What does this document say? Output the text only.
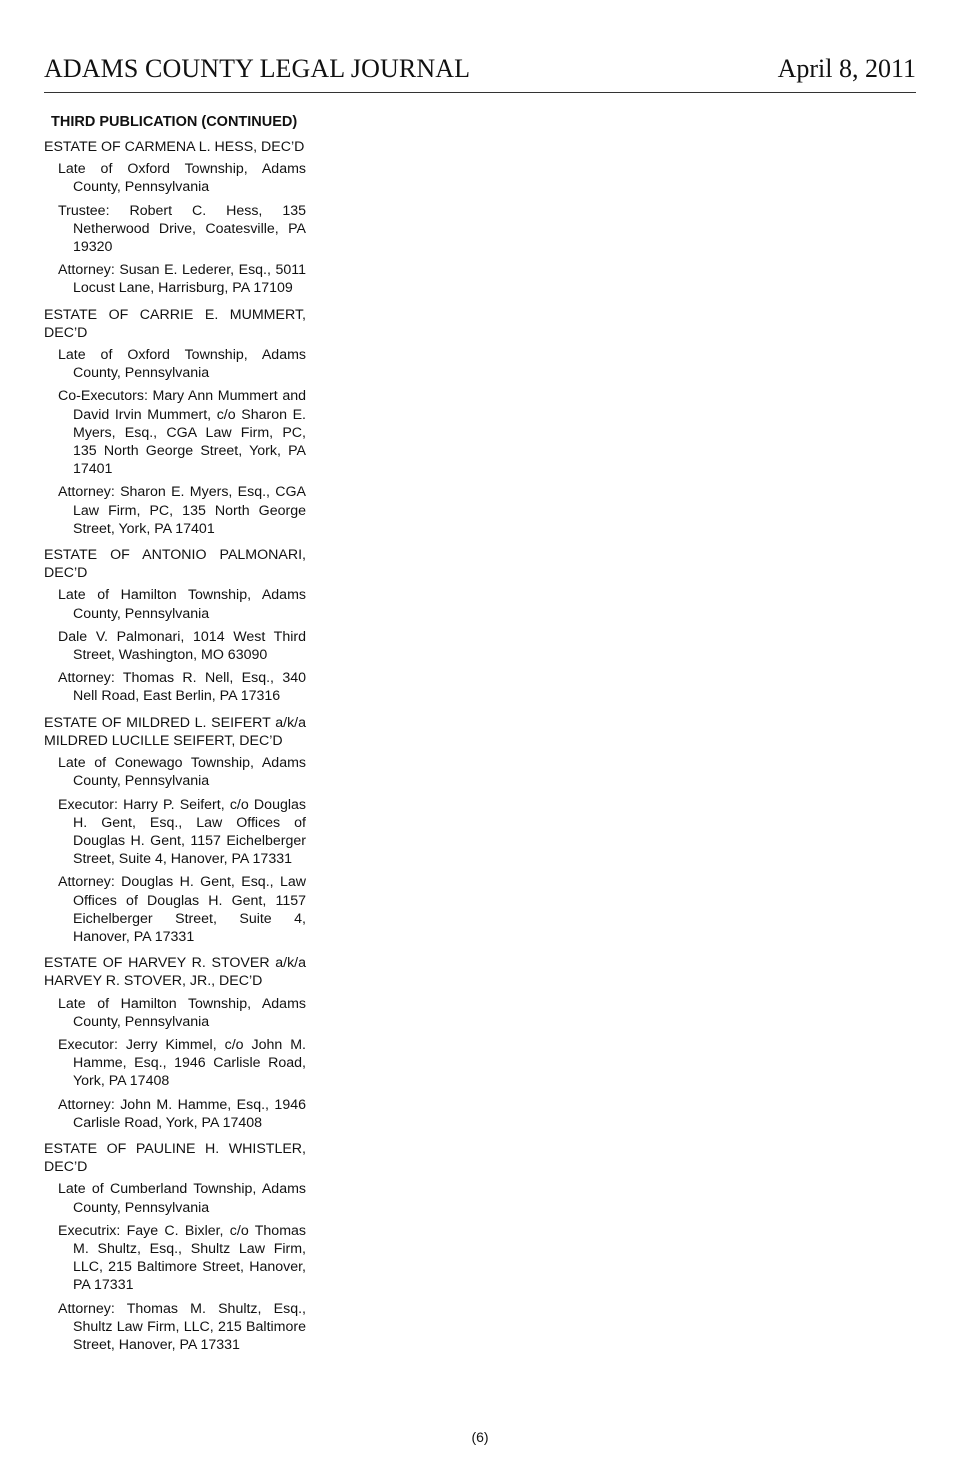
ADAMS COUNTY LEGAL JOURNAL	April 8, 2011
THIRD PUBLICATION (CONTINUED)
ESTATE OF CARMENA L. HESS, DEC’D
Late of Oxford Township, Adams County, Pennsylvania
Trustee: Robert C. Hess, 135 Netherwood Drive, Coatesville, PA 19320
Attorney: Susan E. Lederer, Esq., 5011 Locust Lane, Harrisburg, PA 17109
ESTATE OF CARRIE E. MUMMERT, DEC’D
Late of Oxford Township, Adams County, Pennsylvania
Co-Executors: Mary Ann Mummert and David Irvin Mummert, c/o Sharon E. Myers, Esq., CGA Law Firm, PC, 135 North George Street, York, PA 17401
Attorney: Sharon E. Myers, Esq., CGA Law Firm, PC, 135 North George Street, York, PA 17401
ESTATE OF ANTONIO PALMONARI, DEC’D
Late of Hamilton Township, Adams County, Pennsylvania
Dale V. Palmonari, 1014 West Third Street, Washington, MO 63090
Attorney: Thomas R. Nell, Esq., 340 Nell Road, East Berlin, PA 17316
ESTATE OF MILDRED L. SEIFERT a/k/a MILDRED LUCILLE SEIFERT, DEC’D
Late of Conewago Township, Adams County, Pennsylvania
Executor: Harry P. Seifert, c/o Douglas H. Gent, Esq., Law Offices of Douglas H. Gent, 1157 Eichelberger Street, Suite 4, Hanover, PA 17331
Attorney: Douglas H. Gent, Esq., Law Offices of Douglas H. Gent, 1157 Eichelberger Street, Suite 4, Hanover, PA 17331
ESTATE OF HARVEY R. STOVER a/k/a HARVEY R. STOVER, JR., DEC’D
Late of Hamilton Township, Adams County, Pennsylvania
Executor: Jerry Kimmel, c/o John M. Hamme, Esq., 1946 Carlisle Road, York, PA 17408
Attorney: John M. Hamme, Esq., 1946 Carlisle Road, York, PA 17408
ESTATE OF PAULINE H. WHISTLER, DEC’D
Late of Cumberland Township, Adams County, Pennsylvania
Executrix: Faye C. Bixler, c/o Thomas M. Shultz, Esq., Shultz Law Firm, LLC, 215 Baltimore Street, Hanover, PA 17331
Attorney: Thomas M. Shultz, Esq., Shultz Law Firm, LLC, 215 Baltimore Street, Hanover, PA 17331
(6)
